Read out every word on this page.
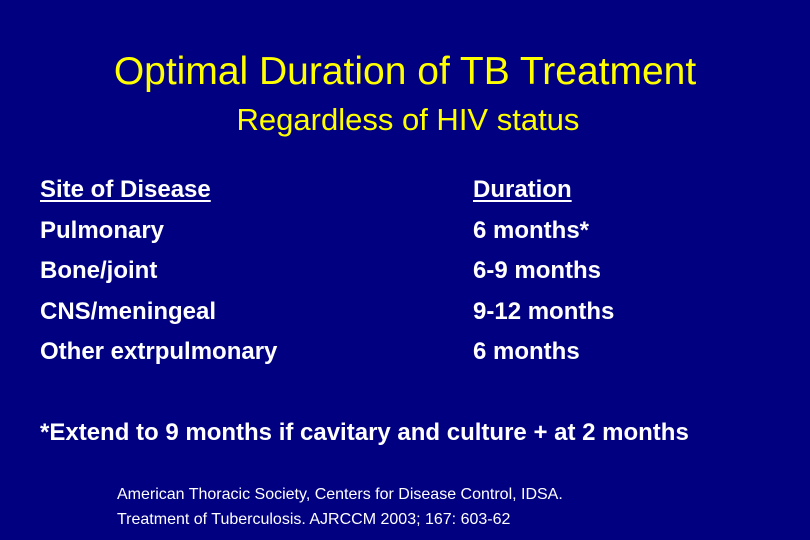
Optimal Duration of TB Treatment
Regardless of HIV status
Site of Disease
Pulmonary
Bone/joint
CNS/meningeal
Other extrpulmonary
Duration
6 months*
6-9 months
9-12 months
6 months
*Extend to 9 months if cavitary and culture + at 2 months
American Thoracic Society, Centers for Disease Control, IDSA.
Treatment of Tuberculosis. AJRCCM 2003; 167: 603-62
